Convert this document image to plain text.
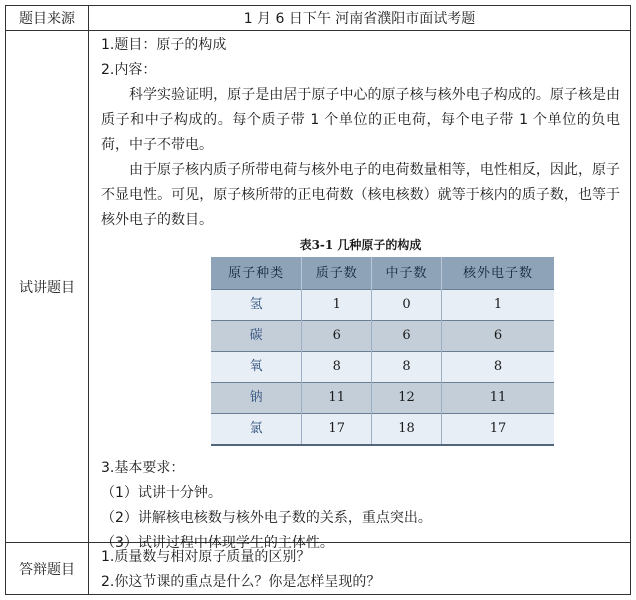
题目来源	1 月 6 日下午 河南省濮阳市面试考题
试讲题目

1.题目：原子的构成

2.内容：

科学实验证明，原子是由居于原子中心的原子核与核外电子构成的。原子核是由质子和中子构成的。每个质子带 1 个单位的正电荷，每个电子带 1 个单位的负电荷，中子不带电。

由于原子核内质子所带电荷与核外电子的电荷数量相等，电性相反，因此，原子不显电性。可见，原子核所带的正电荷数（核电核数）就等于核内的质子数，也等于核外电子的数目。

表3-1 几种原子的构成
原子种类	质子数	中子数	核外电子数
氢	1	0	1
碳	6	6	6
氧	8	8	8
钠	11	12	11
氯	17	18	17

3.基本要求：

（1）试讲十分钟。

（2）讲解核电核数与核外电子数的关系，重点突出。

（3）试讲过程中体现学生的主体性。

答辩题目

1.质量数与相对原子质量的区别？

2.你这节课的重点是什么？你是怎样呈现的？
